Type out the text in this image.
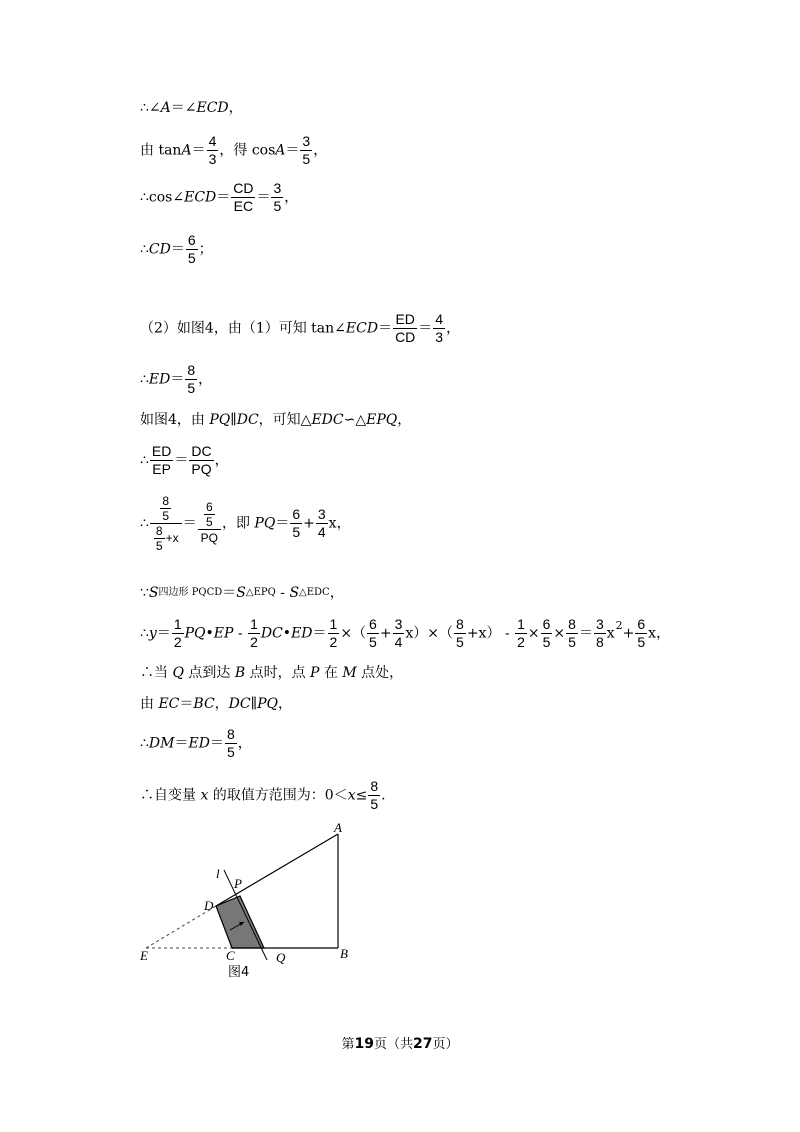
∴∠A＝∠ECD，
由 $\tan A= \frac{4}{3}$ ，得 $\cos A= \frac{3}{5}$ ，
∴cos∠ECD＝ $\frac{CD}{EC} = \frac{3}{5}$ ，
∴CD＝ $\frac{6}{5}$ ；
（2）如图4，由（1）可知 tan∠ECD＝ $\frac{ED}{CD} = \frac{4}{3}$ ，
∴ED＝ $\frac{8}{5}$ ，
如图4，由 PQ∥DC，可知△EDC∽△EPQ，
∴ $\frac{ED}{EP} = \frac{DC}{PQ}$ ，
∴ $\frac{\frac{8}{5}}{\frac{8}{5} +x} = \frac{\frac{6}{5}}{PQ}$ ，即 $PQ= \frac{6}{5} + \frac{3}{4}$ x，
∵S四边形 PQCD＝S△EPQ - S△EDC，
∴y＝ $\frac{1}{2}$ PQ•EP - $\frac{1}{2}$ DC•ED＝ $\frac{1}{2}$ ×（ $\frac{6}{5} + \frac{3}{4} x)\times( \frac{8}{5} +x) - \frac{1}{2} \times \frac{6}{5} \times \frac{8}{5} = \frac{3}{8} x^2+ \frac{6}{5}$ x，
∴当 Q 点到达 B 点时，点 P 在 M 点处，
由 EC＝BC，DC∥PQ，
∴DM＝ED＝ $\frac{8}{5}$ ，
∴自变量 x 的取值方范围为：$0<x\le \frac{8}{5}$ .
A
B
C
D
E
P
Q
l
图4
第19页（共27页）
